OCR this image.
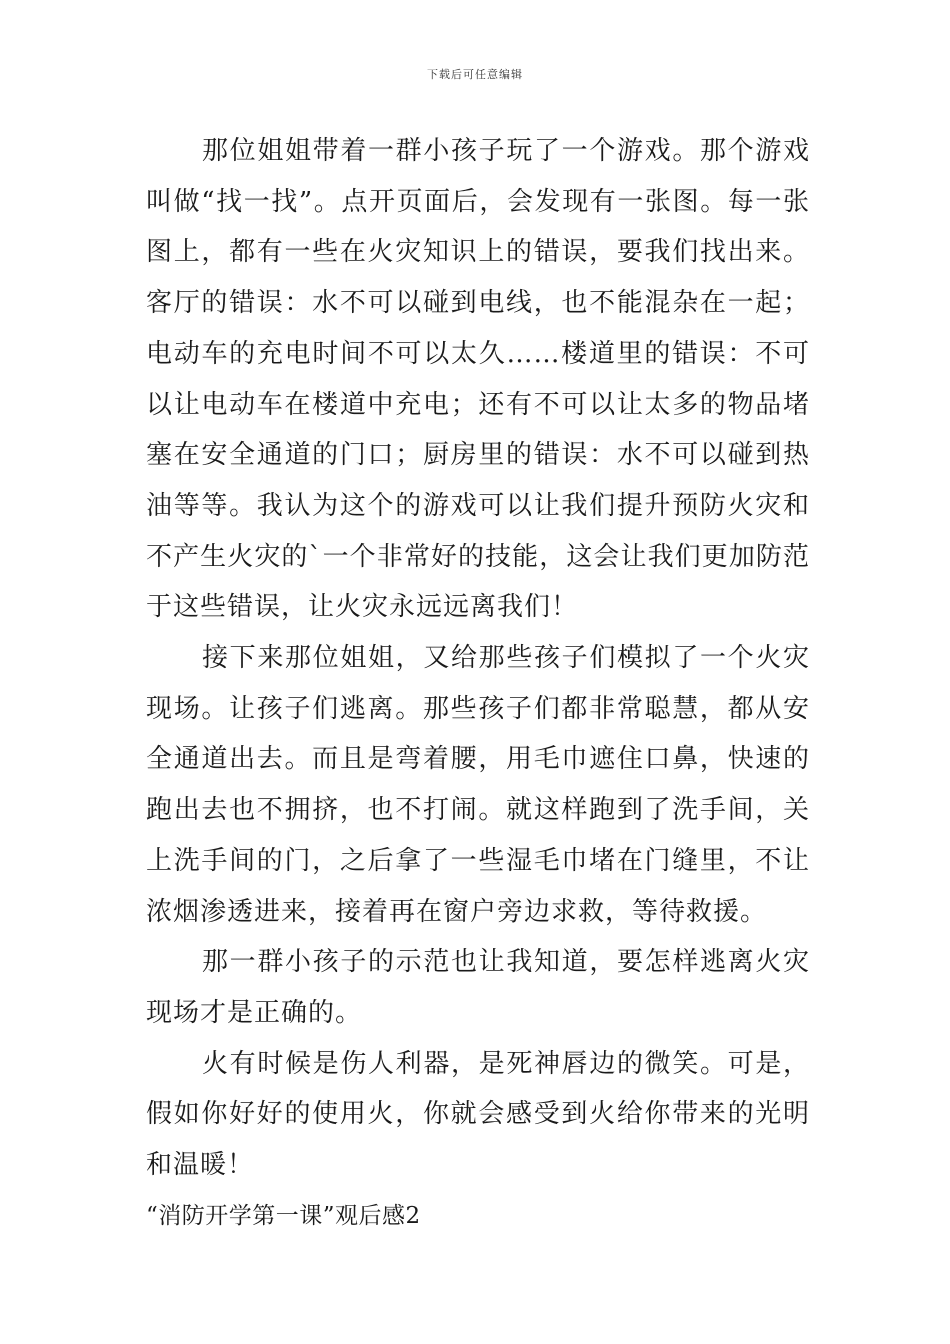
下载后可任意编辑

那位姐姐带着一群小孩子玩了一个游戏。那个游戏叫做“找一找”。点开页面后，会发现有一张图。每一张图上，都有一些在火灾知识上的错误，要我们找出来。客厅的错误：水不可以碰到电线，也不能混杂在一起；电动车的充电时间不可以太久……楼道里的错误：不可以让电动车在楼道中充电；还有不可以让太多的物品堵塞在安全通道的门口；厨房里的错误：水不可以碰到热油等等。我认为这个的游戏可以让我们提升预防火灾和不产生火灾的`一个非常好的技能，这会让我们更加防范于这些错误，让火灾永远远离我们！

接下来那位姐姐，又给那些孩子们模拟了一个火灾现场。让孩子们逃离。那些孩子们都非常聪慧，都从安全通道出去。而且是弯着腰，用毛巾遮住口鼻，快速的跑出去也不拥挤，也不打闹。就这样跑到了洗手间，关上洗手间的门，之后拿了一些湿毛巾堵在门缝里，不让浓烟渗透进来，接着再在窗户旁边求救，等待救援。

那一群小孩子的示范也让我知道，要怎样逃离火灾现场才是正确的。

火有时候是伤人利器，是死神唇边的微笑。可是，假如你好好的使用火，你就会感受到火给你带来的光明和温暖！

“消防开学第一课”观后感2
